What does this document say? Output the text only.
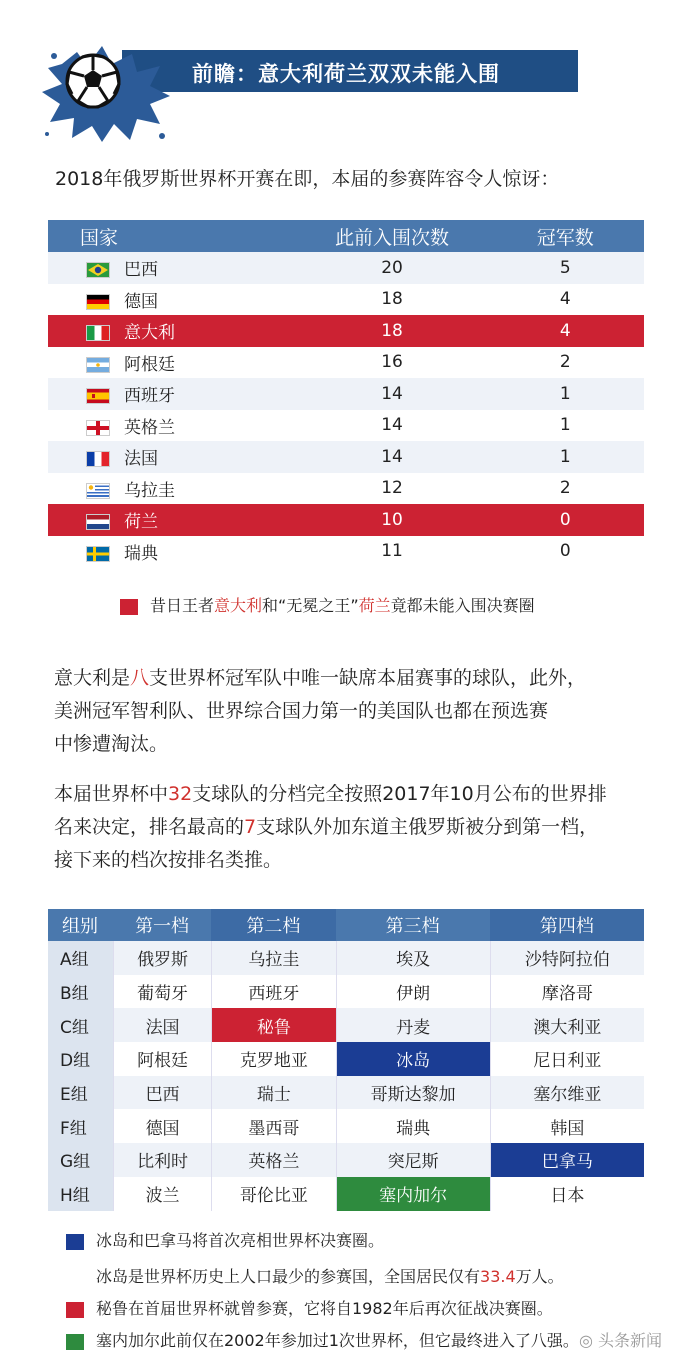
前瞻：意大利荷兰双双未能入围
2018年俄罗斯世界杯开赛在即，本届的参赛阵容令人惊讶：
国家	此前入围次数	冠军数

巴西	20	5
德国	18	4
意大利	18	4

阿根廷	16	2

西班牙	14	1

英格兰	14	1
法国	14	1

乌拉圭	12	2
荷兰	10	0

瑞典	11	0
昔日王者意大利和“无冕之王”荷兰竟都未能入围决赛圈
意大利是八支世界杯冠军队中唯一缺席本届赛事的球队，此外，
美洲冠军智利队、世界综合国力第一的美国队也都在预选赛
中惨遭淘汰。
本届世界杯中32支球队的分档完全按照2017年10月公布的世界排
名来决定，排名最高的7支球队外加东道主俄罗斯被分到第一档，
接下来的档次按排名类推。
组别	第一档	第二档	第三档	第四档
A组	俄罗斯	乌拉圭	埃及	沙特阿拉伯
B组	葡萄牙	西班牙	伊朗	摩洛哥
C组	法国	秘鲁	丹麦	澳大利亚
D组	阿根廷	克罗地亚	冰岛	尼日利亚
E组	巴西	瑞士	哥斯达黎加	塞尔维亚
F组	德国	墨西哥	瑞典	韩国
G组	比利时	英格兰	突尼斯	巴拿马
H组	波兰	哥伦比亚	塞内加尔	日本
冰岛和巴拿马将首次亮相世界杯决赛圈。
冰岛是世界杯历史上人口最少的参赛国，全国居民仅有33.4万人。
秘鲁在首届世界杯就曾参赛，它将自1982年后再次征战决赛圈。
塞内加尔此前仅在2002年参加过1次世界杯，但它最终进入了八强。 ◎ 头条新闻
